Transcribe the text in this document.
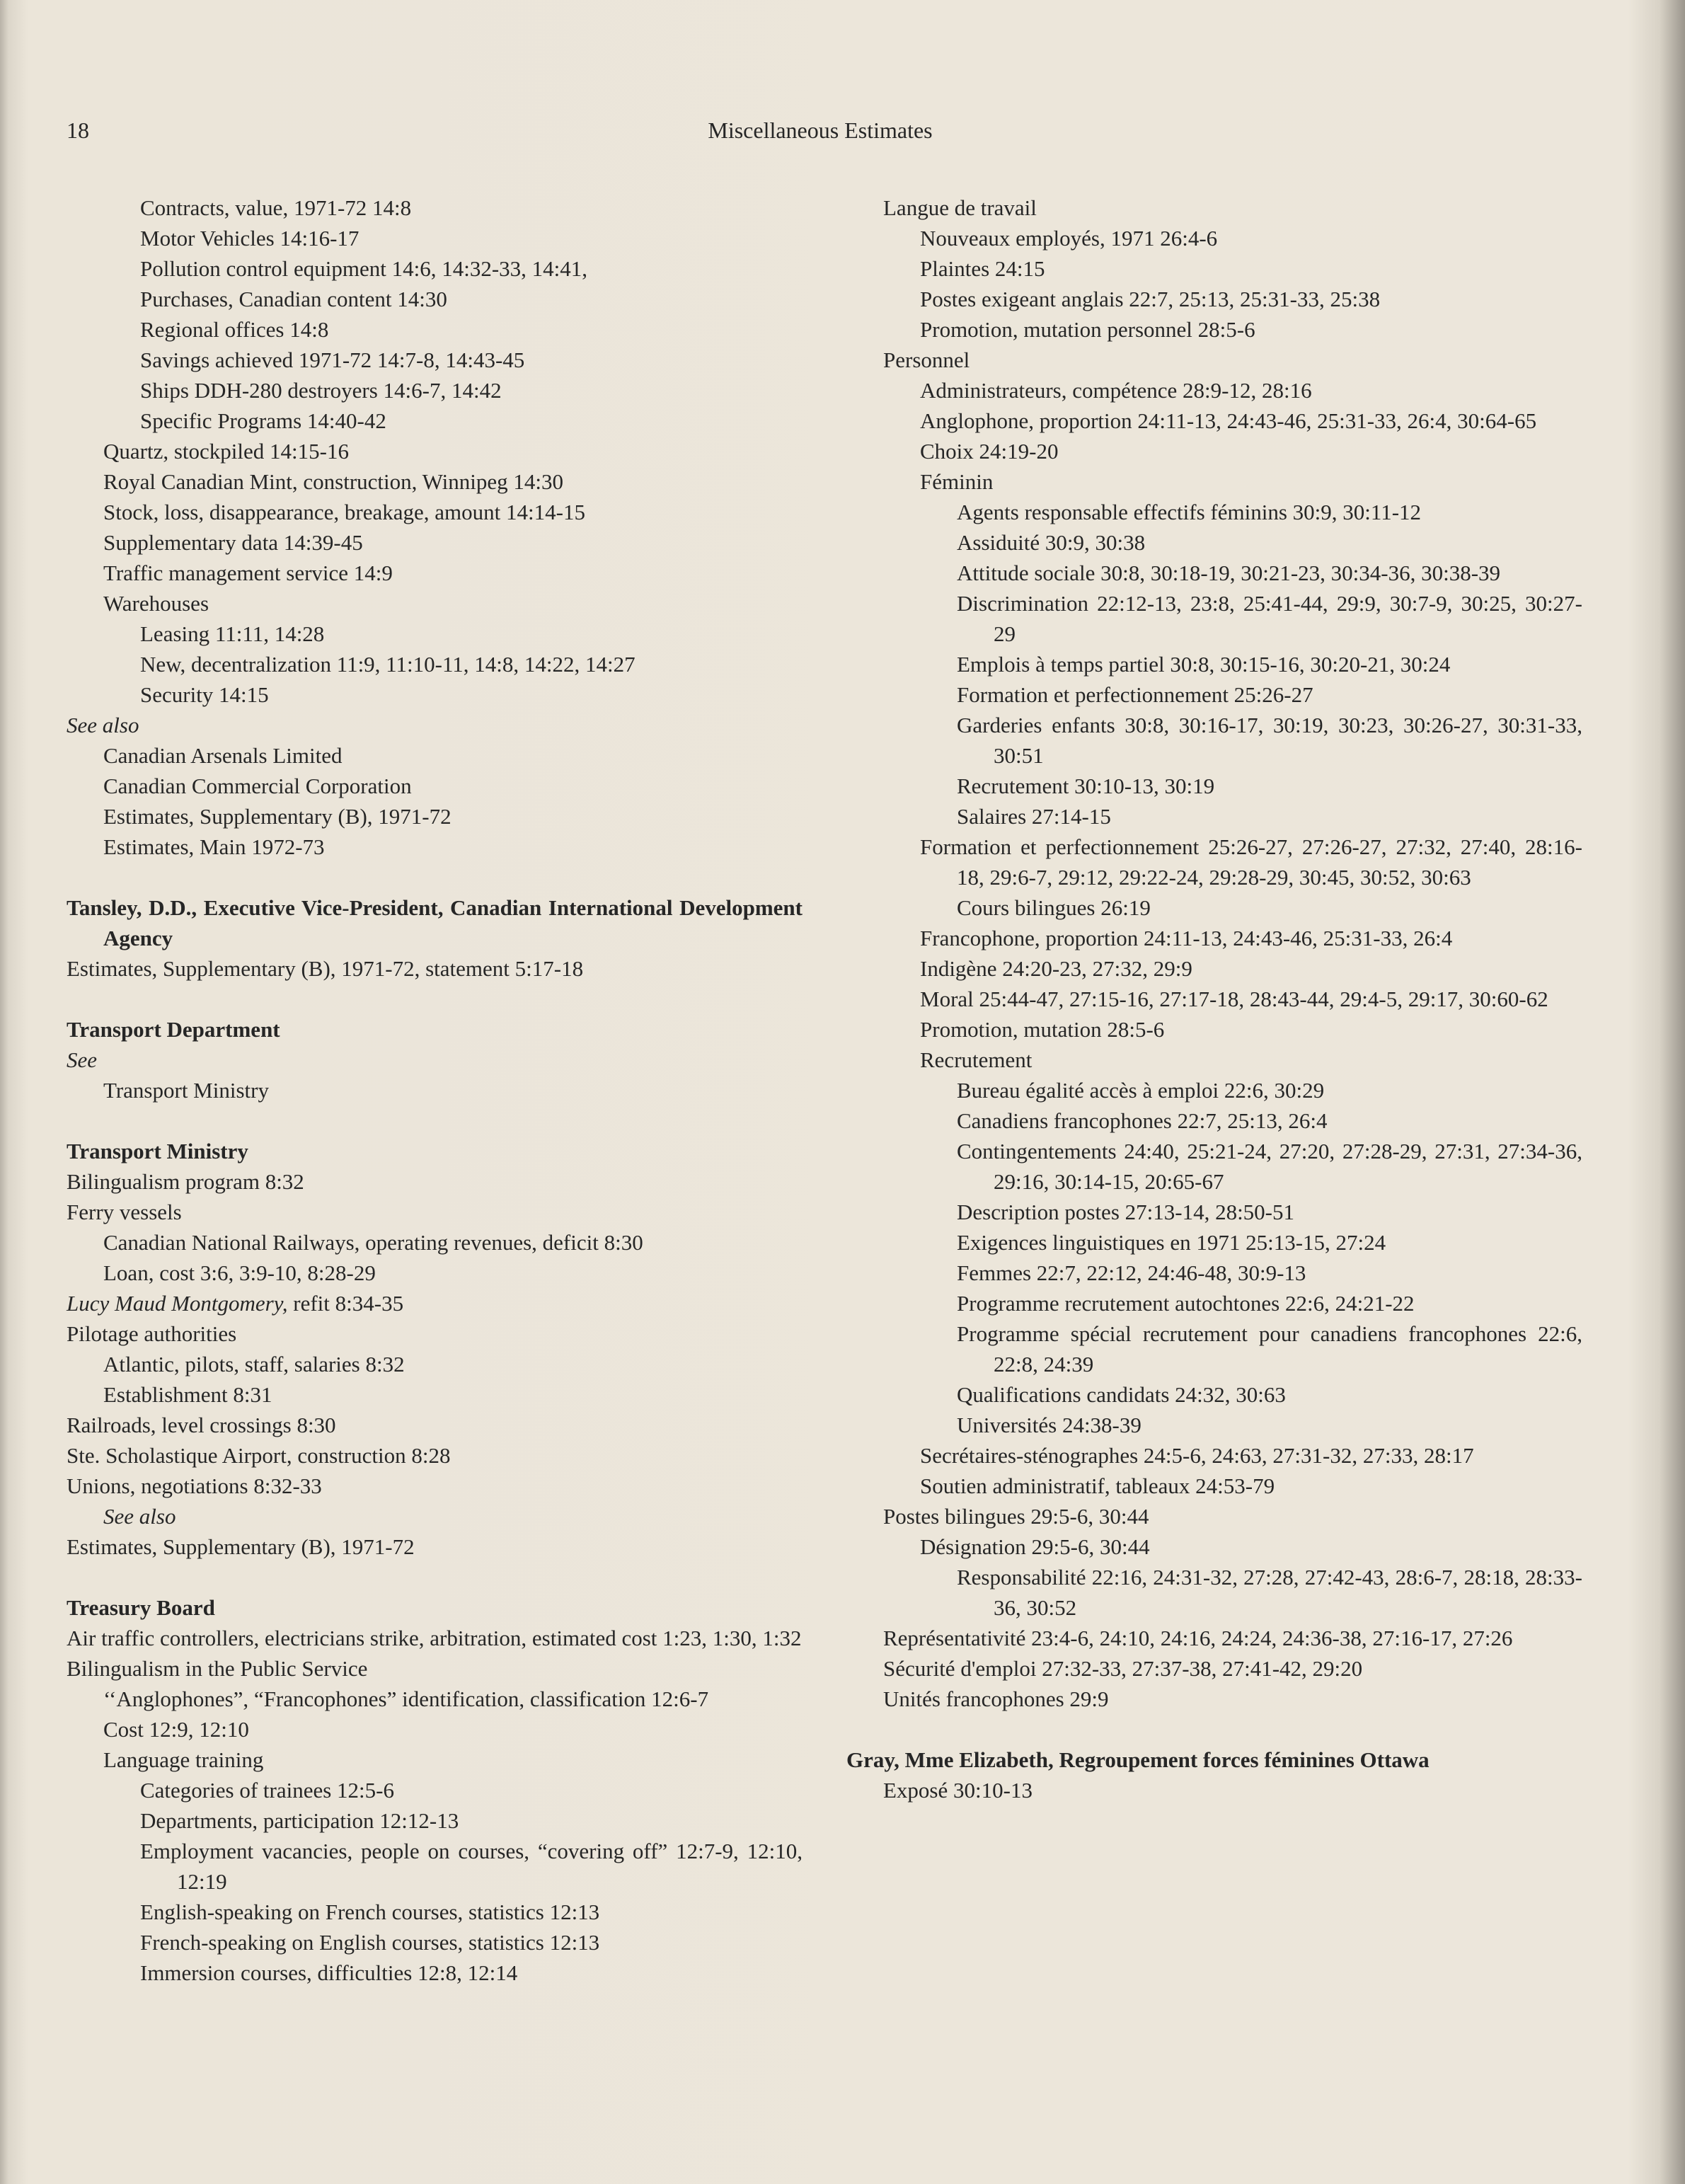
18	Miscellaneous Estimates
Contracts, value, 1971-72 14:8
Motor Vehicles 14:16-17
Pollution control equipment 14:6, 14:32-33, 14:41,
Purchases, Canadian content 14:30
Regional offices 14:8
Savings achieved 1971-72 14:7-8, 14:43-45
Ships DDH-280 destroyers 14:6-7, 14:42
Specific Programs 14:40-42
Quartz, stockpiled 14:15-16
Royal Canadian Mint, construction, Winnipeg 14:30
Stock, loss, disappearance, breakage, amount 14:14-15
Supplementary data 14:39-45
Traffic management service 14:9
Warehouses
Leasing 11:11, 14:28
New, decentralization 11:9, 11:10-11, 14:8, 14:22, 14:27
Security 14:15
See also
Canadian Arsenals Limited
Canadian Commercial Corporation
Estimates, Supplementary (B), 1971-72
Estimates, Main 1972-73
Tansley, D.D., Executive Vice-President, Canadian International Development Agency
Estimates, Supplementary (B), 1971-72, statement 5:17-18
Transport Department
See
Transport Ministry
Transport Ministry
Bilingualism program 8:32
Ferry vessels
Canadian National Railways, operating revenues, deficit 8:30
Loan, cost 3:6, 3:9-10, 8:28-29
Lucy Maud Montgomery, refit 8:34-35
Pilotage authorities
Atlantic, pilots, staff, salaries 8:32
Establishment 8:31
Railroads, level crossings 8:30
Ste. Scholastique Airport, construction 8:28
Unions, negotiations 8:32-33
See also
Estimates, Supplementary (B), 1971-72
Treasury Board
Air traffic controllers, electricians strike, arbitration, estimated cost 1:23, 1:30, 1:32
Bilingualism in the Public Service
‘‘Anglophones”, “Francophones” identification, classification 12:6-7
Cost 12:9, 12:10
Language training
Categories of trainees 12:5-6
Departments, participation 12:12-13
Employment vacancies, people on courses, “covering off” 12:7-9, 12:10, 12:19
English-speaking on French courses, statistics 12:13
French-speaking on English courses, statistics 12:13
Immersion courses, difficulties 12:8, 12:14
Langue de travail
Nouveaux employés, 1971 26:4-6
Plaintes 24:15
Postes exigeant anglais 22:7, 25:13, 25:31-33, 25:38
Promotion, mutation personnel 28:5-6
Personnel
Administrateurs, compétence 28:9-12, 28:16
Anglophone, proportion 24:11-13, 24:43-46, 25:31-33, 26:4, 30:64-65
Choix 24:19-20
Féminin
Agents responsable effectifs féminins 30:9, 30:11-12
Assiduité 30:9, 30:38
Attitude sociale 30:8, 30:18-19, 30:21-23, 30:34-36, 30:38-39
Discrimination 22:12-13, 23:8, 25:41-44, 29:9, 30:7-9, 30:25, 30:27-29
Emplois à temps partiel 30:8, 30:15-16, 30:20-21, 30:24
Formation et perfectionnement 25:26-27
Garderies enfants 30:8, 30:16-17, 30:19, 30:23, 30:26-27, 30:31-33, 30:51
Recrutement 30:10-13, 30:19
Salaires 27:14-15
Formation et perfectionnement 25:26-27, 27:26-27, 27:32, 27:40, 28:16-18, 29:6-7, 29:12, 29:22-24, 29:28-29, 30:45, 30:52, 30:63
Cours bilingues 26:19
Francophone, proportion 24:11-13, 24:43-46, 25:31-33, 26:4
Indigène 24:20-23, 27:32, 29:9
Moral 25:44-47, 27:15-16, 27:17-18, 28:43-44, 29:4-5, 29:17, 30:60-62
Promotion, mutation 28:5-6
Recrutement
Bureau égalité accès à emploi 22:6, 30:29
Canadiens francophones 22:7, 25:13, 26:4
Contingentements 24:40, 25:21-24, 27:20, 27:28-29, 27:31, 27:34-36, 29:16, 30:14-15, 20:65-67
Description postes 27:13-14, 28:50-51
Exigences linguistiques en 1971 25:13-15, 27:24
Femmes 22:7, 22:12, 24:46-48, 30:9-13
Programme recrutement autochtones 22:6, 24:21-22
Programme spécial recrutement pour canadiens francophones 22:6, 22:8, 24:39
Qualifications candidats 24:32, 30:63
Universités 24:38-39
Secrétaires-sténographes 24:5-6, 24:63, 27:31-32, 27:33, 28:17
Soutien administratif, tableaux 24:53-79
Postes bilingues 29:5-6, 30:44
Désignation 29:5-6, 30:44
Responsabilité 22:16, 24:31-32, 27:28, 27:42-43, 28:6-7, 28:18, 28:33-36, 30:52
Représentativité 23:4-6, 24:10, 24:16, 24:24, 24:36-38, 27:16-17, 27:26
Sécurité d'emploi 27:32-33, 27:37-38, 27:41-42, 29:20
Unités francophones 29:9
Gray, Mme Elizabeth, Regroupement forces féminines Ottawa
Exposé 30:10-13
